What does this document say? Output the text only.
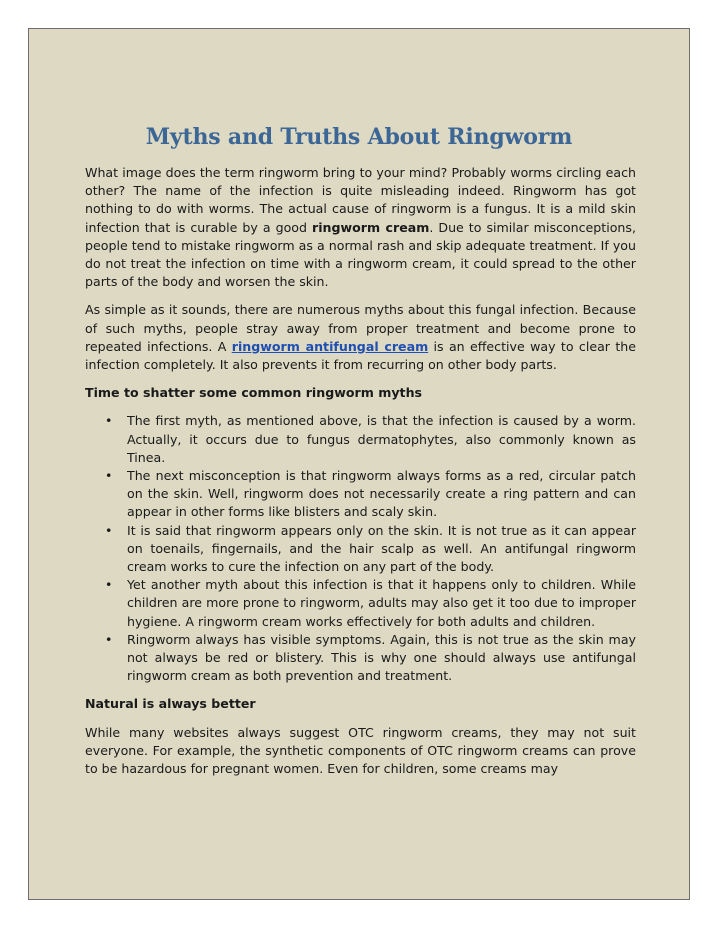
Myths and Truths About Ringworm

What image does the term ringworm bring to your mind? Probably worms circling each other? The name of the infection is quite misleading indeed. Ringworm has got nothing to do with worms. The actual cause of ringworm is a fungus. It is a mild skin infection that is curable by a good ringworm cream. Due to similar misconceptions, people tend to mistake ringworm as a normal rash and skip adequate treatment. If you do not treat the infection on time with a ringworm cream, it could spread to the other parts of the body and worsen the skin.

As simple as it sounds, there are numerous myths about this fungal infection. Because of such myths, people stray away from proper treatment and become prone to repeated infections. A ringworm antifungal cream is an effective way to clear the infection completely. It also prevents it from recurring on other body parts.

Time to shatter some common ringworm myths
• The first myth, as mentioned above, is that the infection is caused by a worm. Actually, it occurs due to fungus dermatophytes, also commonly known as Tinea.
• The next misconception is that ringworm always forms as a red, circular patch on the skin. Well, ringworm does not necessarily create a ring pattern and can appear in other forms like blisters and scaly skin.
• It is said that ringworm appears only on the skin. It is not true as it can appear on toenails, fingernails, and the hair scalp as well. An antifungal ringworm cream works to cure the infection on any part of the body.
• Yet another myth about this infection is that it happens only to children. While children are more prone to ringworm, adults may also get it too due to improper hygiene. A ringworm cream works effectively for both adults and children.
• Ringworm always has visible symptoms. Again, this is not true as the skin may not always be red or blistery. This is why one should always use antifungal ringworm cream as both prevention and treatment.
Natural is always better

While many websites always suggest OTC ringworm creams, they may not suit everyone. For example, the synthetic components of OTC ringworm creams can prove to be hazardous for pregnant women. Even for children, some creams may
